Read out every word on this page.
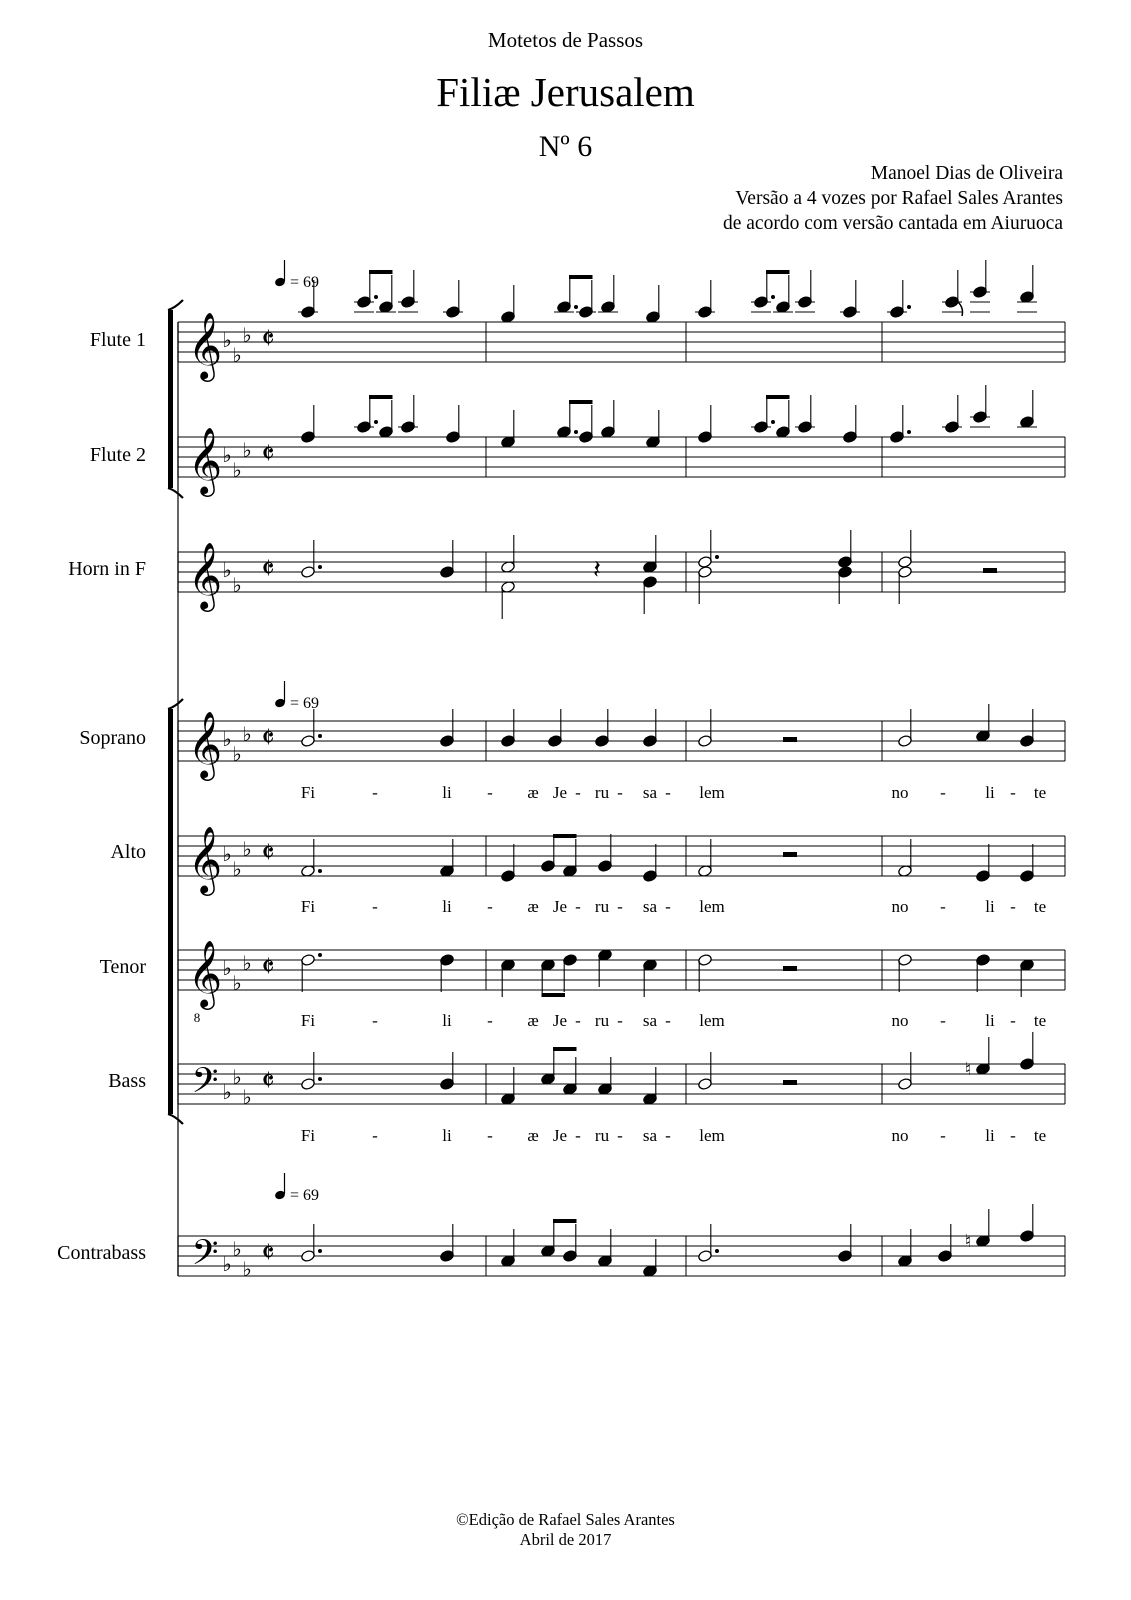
Motetos de Passos
Filiæ Jerusalem
Nº 6
Manoel Dias de Oliveira
Versão a 4 vozes por Rafael Sales Arantes
de acordo com versão cantada em Aiuruoca
Flute 1
Flute 2
Horn in F
Soprano
Alto
Tenor
Bass
Contrabass
𝄞 ♭
♭
♭ 𝄵
𝄞 ♭
♭
♭ 𝄵
𝄞 ♭
♭ 𝄵
𝄞 ♭
♭
♭ 𝄵
𝄞 ♭
♭
♭ 𝄵
𝄞
8
♭
♭
♭ 𝄵
𝄢 ♭
♭
♭ 𝄵
𝄢 ♭
♭
♭ 𝄵
= 69
= 69
= 69
𝄽
♮
♮
Fi	-	li - æ Je - ru - sa - lem	no - li - te
Fi	-	li - æ Je - ru - sa - lem	no - li - te
Fi	-	li - æ Je - ru - sa - lem	no - li - te
Fi	-	li - æ Je - ru - sa - lem	no - li - te
©Edição de Rafael Sales Arantes
Abril de 2017
